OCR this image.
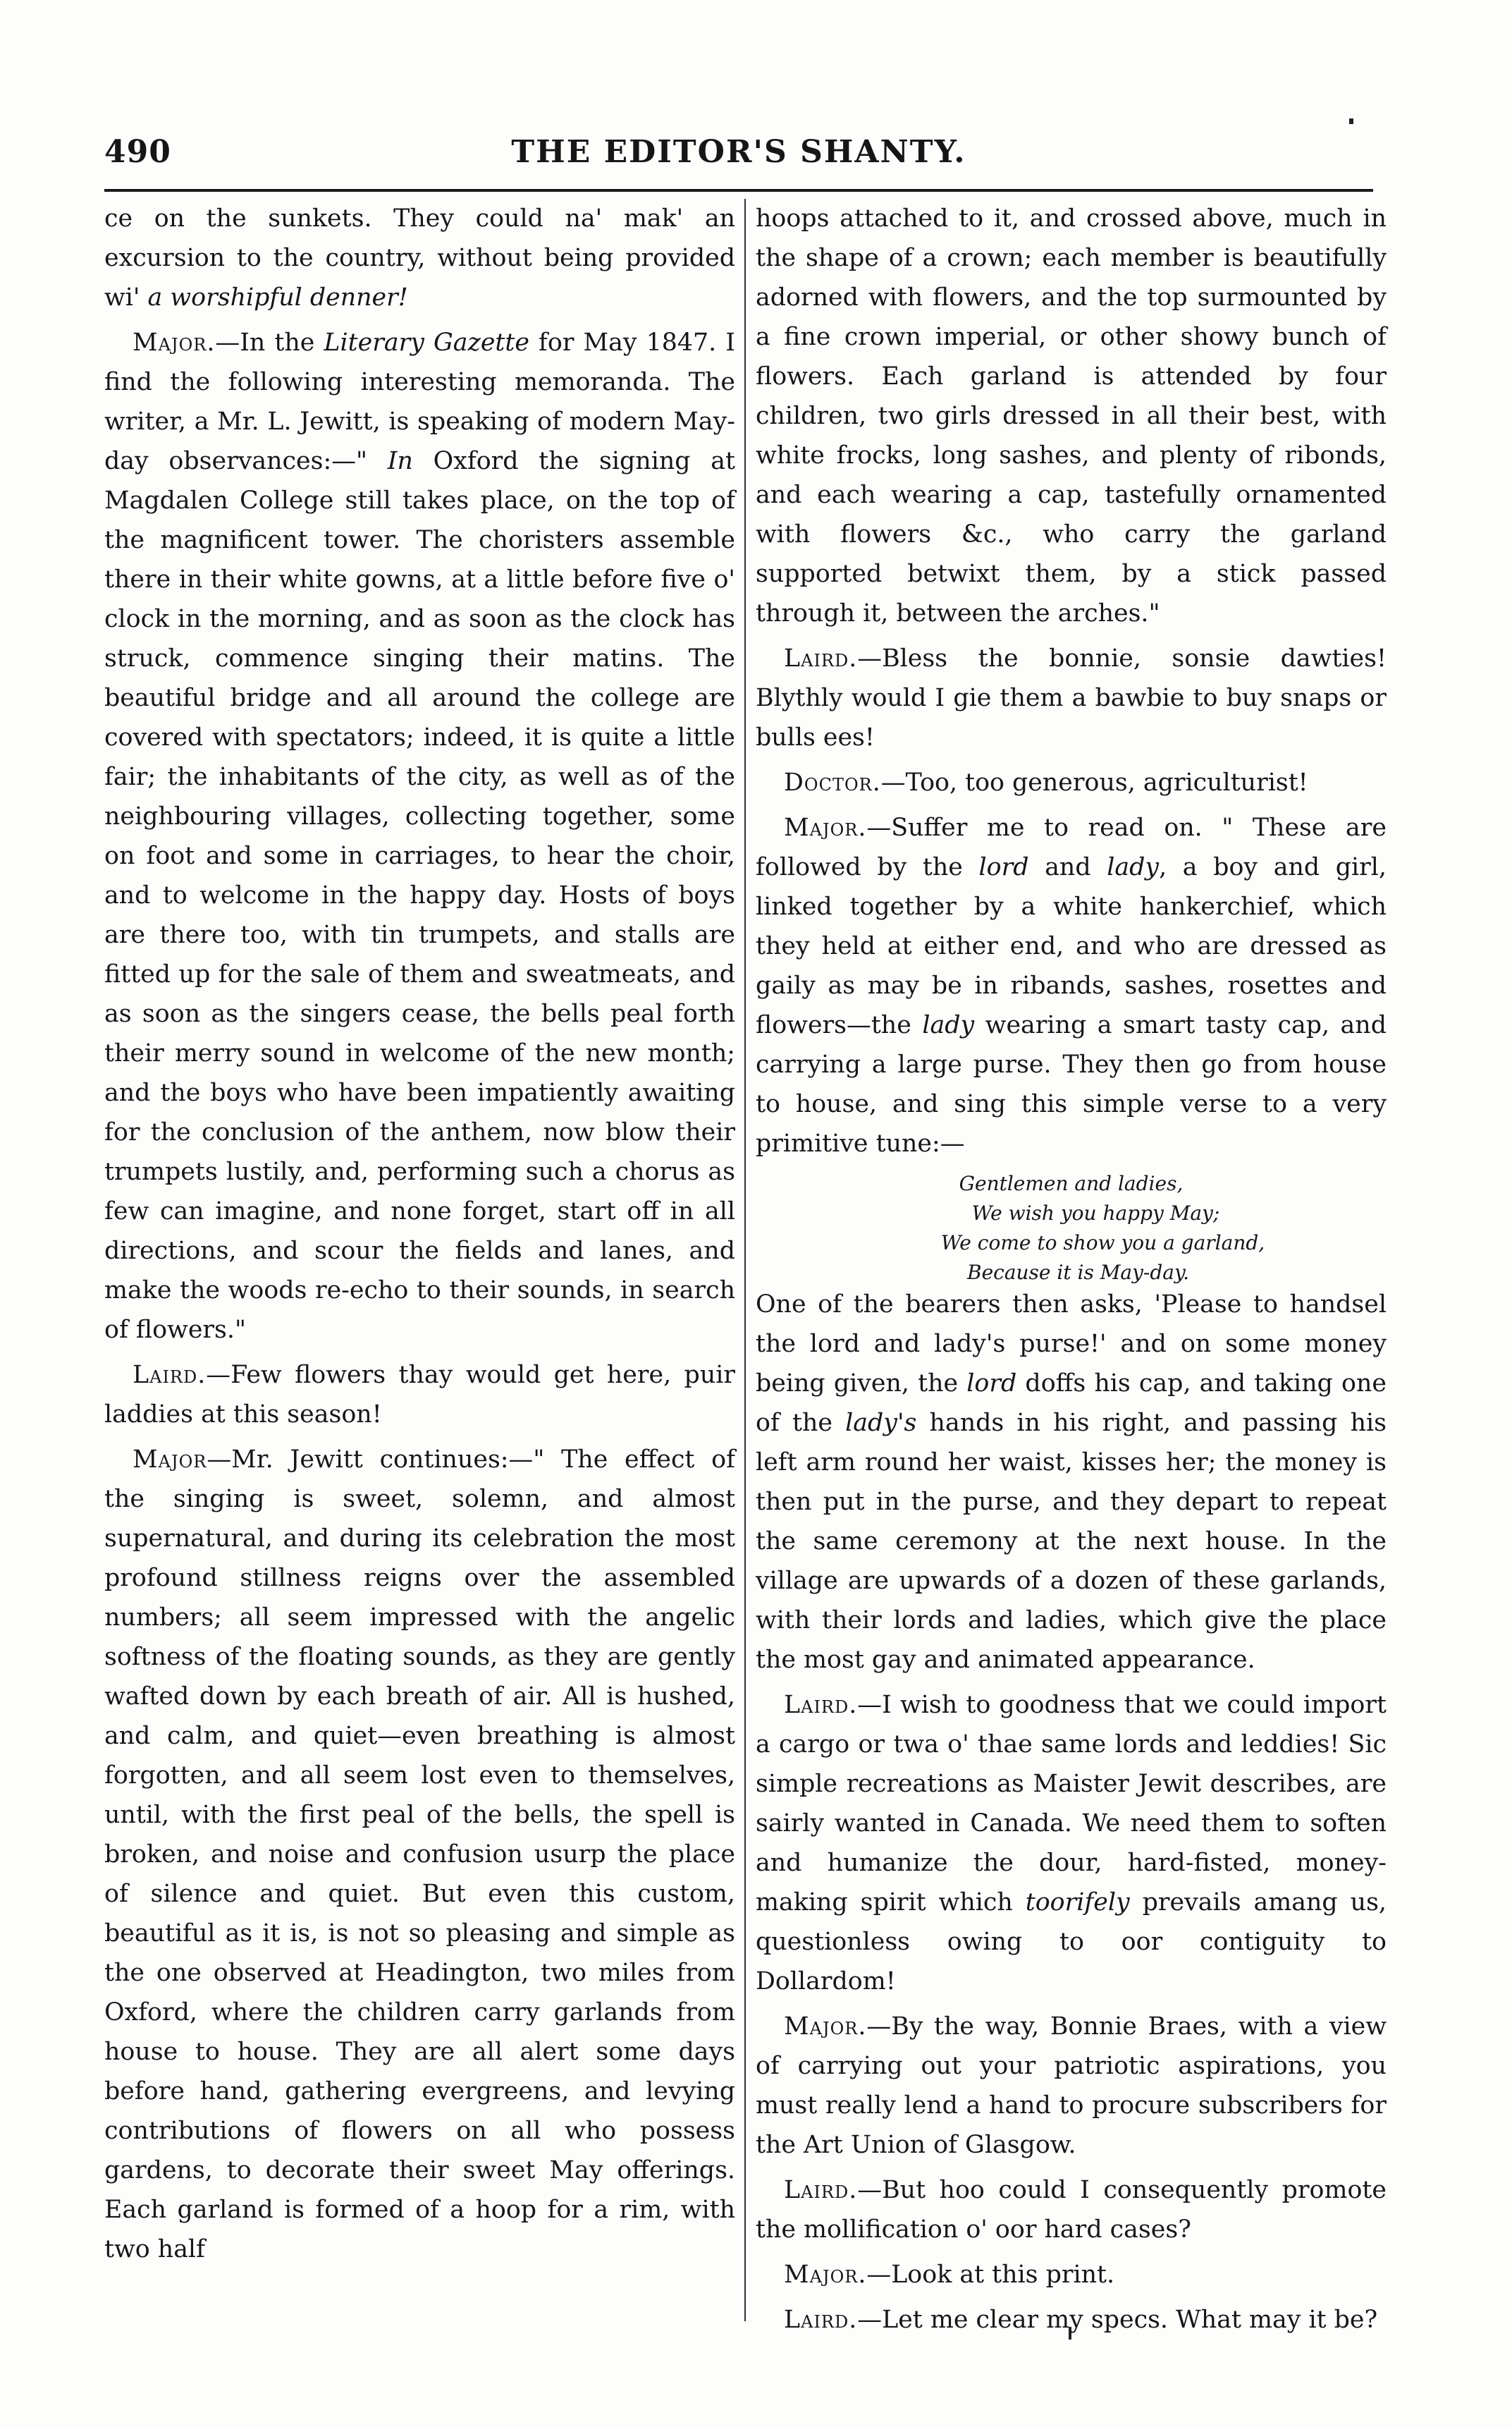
490	THE EDITOR'S SHANTY.

ce on the sunkets. They could na' mak' an excursion to the country, without being provided wi' a worshipful denner!

Major.—In the Literary Gazette for May 1847. I find the following interesting memoranda. The writer, a Mr. L. Jewitt, is speaking of modern May-day observances:—" In Oxford the signing at Magdalen College still takes place, on the top of the magnificent tower. The choristers assemble there in their white gowns, at a little before five o' clock in the morning, and as soon as the clock has struck, commence singing their matins. The beautiful bridge and all around the college are covered with spectators; indeed, it is quite a little fair; the inhabitants of the city, as well as of the neighbouring villages, collecting together, some on foot and some in carriages, to hear the choir, and to welcome in the happy day. Hosts of boys are there too, with tin trumpets, and stalls are fitted up for the sale of them and sweatmeats, and as soon as the singers cease, the bells peal forth their merry sound in welcome of the new month; and the boys who have been impatiently awaiting for the conclusion of the anthem, now blow their trumpets lustily, and, performing such a chorus as few can imagine, and none forget, start off in all directions, and scour the fields and lanes, and make the woods re-echo to their sounds, in search of flowers."

Laird.—Few flowers thay would get here, puir laddies at this season!

Major—Mr. Jewitt continues:—" The effect of the singing is sweet, solemn, and almost supernatural, and during its celebration the most profound stillness reigns over the assembled numbers; all seem impressed with the angelic softness of the floating sounds, as they are gently wafted down by each breath of air. All is hushed, and calm, and quiet—even breathing is almost forgotten, and all seem lost even to themselves, until, with the first peal of the bells, the spell is broken, and noise and confusion usurp the place of silence and quiet. But even this custom, beautiful as it is, is not so pleasing and simple as the one observed at Headington, two miles from Oxford, where the children carry garlands from house to house. They are all alert some days before hand, gathering evergreens, and levying contributions of flowers on all who possess gardens, to decorate their sweet May offerings. Each garland is formed of a hoop for a rim, with two half

hoops attached to it, and crossed above, much in the shape of a crown; each member is beautifully adorned with flowers, and the top surmounted by a fine crown imperial, or other showy bunch of flowers. Each garland is attended by four children, two girls dressed in all their best, with white frocks, long sashes, and plenty of ribonds, and each wearing a cap, tastefully ornamented with flowers &c., who carry the garland supported betwixt them, by a stick passed through it, between the arches."

Laird.—Bless the bonnie, sonsie dawties! Blythly would I gie them a bawbie to buy snaps or bulls ees!

Doctor.—Too, too generous, agriculturist!

Major.—Suffer me to read on. " These are followed by the lord and lady, a boy and girl, linked together by a white hankerchief, which they held at either end, and who are dressed as gaily as may be in ribands, sashes, rosettes and flowers—the lady wearing a smart tasty cap, and carrying a large purse. They then go from house to house, and sing this simple verse to a very primitive tune:—

Gentlemen and ladies,
We wish you happy May;
We come to show you a garland,
Because it is May-day.

One of the bearers then asks, 'Please to handsel the lord and lady's purse!' and on some money being given, the lord doffs his cap, and taking one of the lady's hands in his right, and passing his left arm round her waist, kisses her; the money is then put in the purse, and they depart to repeat the same ceremony at the next house. In the village are upwards of a dozen of these garlands, with their lords and ladies, which give the place the most gay and animated appearance.

Laird.—I wish to goodness that we could import a cargo or twa o' thae same lords and leddies! Sic simple recreations as Maister Jewit describes, are sairly wanted in Canada. We need them to soften and humanize the dour, hard-fisted, money-making spirit which toorifely prevails amang us, questionless owing to oor contiguity to Dollardom!

Major.—By the way, Bonnie Braes, with a view of carrying out your patriotic aspirations, you must really lend a hand to procure subscribers for the Art Union of Glasgow.

Laird.—But hoo could I consequently promote the mollification o' oor hard cases?

Major.—Look at this print.

Laird.—Let me clear my specs. What may it be?
